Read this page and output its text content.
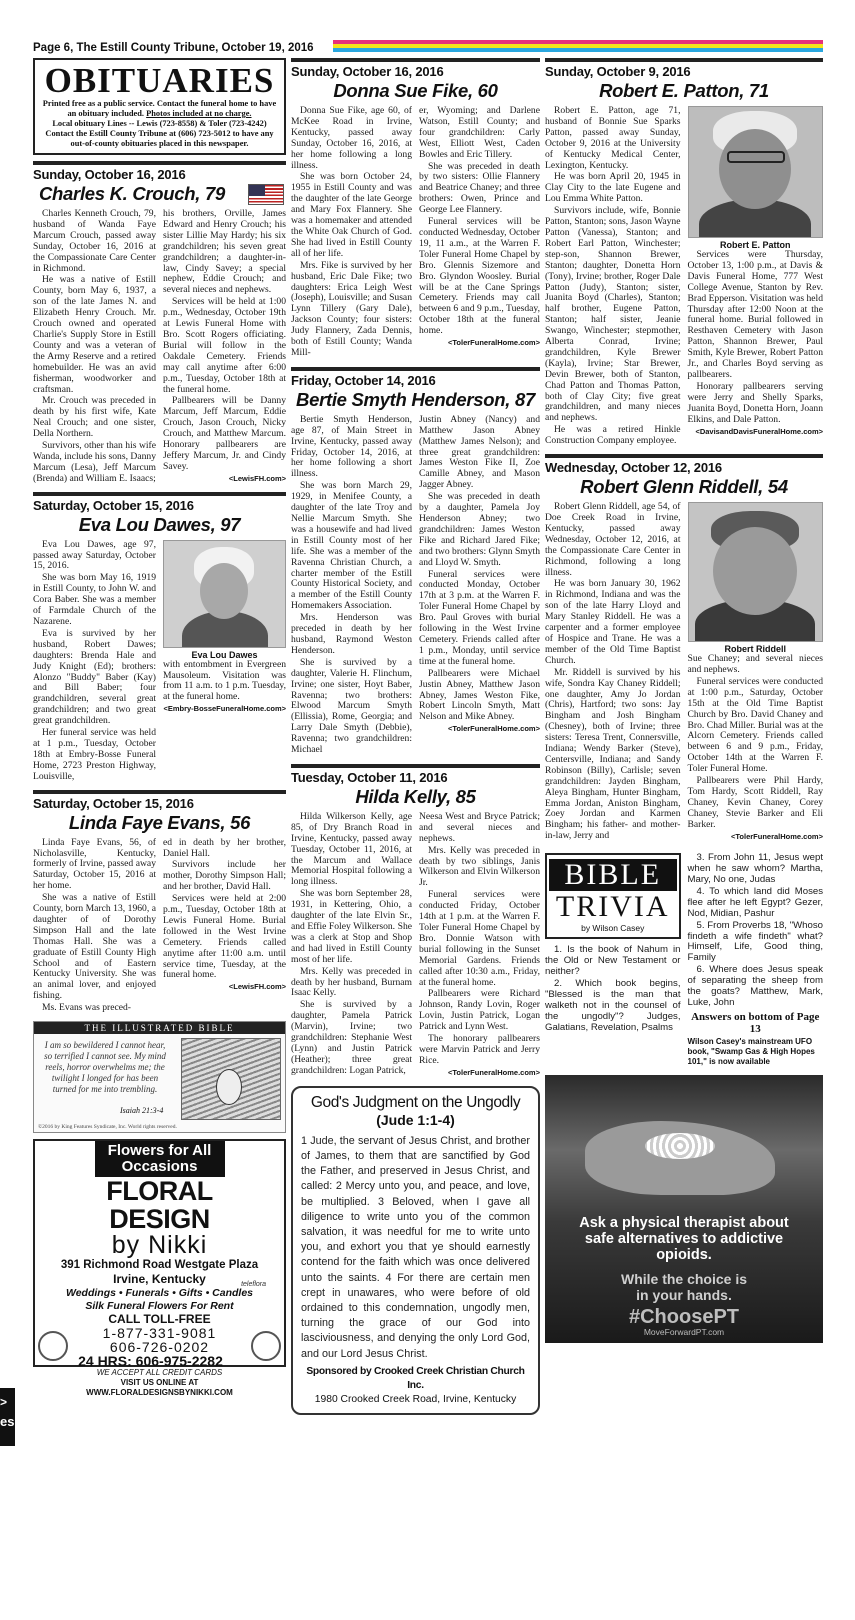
Page 6, The Estill County Tribune, October 19, 2016
>
es
OBITUARIES
Printed free as a public service. Contact the funeral home to have an obituary included. Photos included at no charge.
Local obituary Lines -- Lewis (723-8558) & Toler (723-4242)
Contact the Estill County Tribune at (606) 723-5012 to have any out-of-county obituaries placed in this newspaper.
Sunday, October 16, 2016
Charles K. Crouch, 79

Charles Kenneth Crouch, 79, husband of Wanda Faye Marcum Crouch, passed away Sunday, October 16, 2016 at the Compassionate Care Center in Richmond.

He was a native of Estill County, born May 6, 1937, a son of the late James N. and Elizabeth Henry Crouch. Mr. Crouch owned and operated Charlie's Supply Store in Estill County and was a veteran of the Army Reserve and a retired homebuilder. He was an avid fisherman, woodworker and craftsman.

Mr. Crouch was preceded in death by his first wife, Kate Neal Crouch; and one sister, Della Northern.

Survivors, other than his wife Wanda, include his sons, Danny Marcum (Lesa), Jeff Marcum (Brenda) and William E. Isaacs;

his brothers, Orville, James Edward and Henry Crouch; his sister Lillie May Hardy; his six grandchildren; his seven great grandchildren; a daughter-in-law, Cindy Savey; a special nephew, Eddie Crouch; and several nieces and nephews.

Services will be held at 1:00 p.m., Wednesday, October 19th at Lewis Funeral Home with Bro. Scott Rogers officiating. Burial will follow in the Oakdale Cemetery. Friends may call anytime after 6:00 p.m., Tuesday, October 18th at the funeral home.

Pallbearers will be Danny Marcum, Jeff Marcum, Eddie Crouch, Jason Crouch, Nicky Crouch, and Matthew Marcum. Honorary pallbearers are Jeffery Marcum, Jr. and Cindy Savey.

<LewisFH.com>
Saturday, October 15, 2016
Eva Lou Dawes, 97

Eva Lou Dawes, age 97, passed away Saturday, October 15, 2016.

She was born May 16, 1919 in Estill County, to John W. and Cora Baber. She was a member of Farmdale Church of the Nazarene.

Eva is survived by her husband, Robert Dawes; daughters: Brenda Hale and Judy Knight (Ed); brothers: Alonzo "Buddy" Baber (Kay) and Bill Baber; four grandchildren, several great grandchildren; and two great great grandchildren.

Her funeral service was held at 1 p.m., Tuesday, October 18th at Embry-Bosse Funeral Home, 2723 Preston Highway, Louisville,

Eva Lou Dawes

with entombment in Evergreen Mausoleum. Visitation was from 11 a.m. to 1 p.m. Tuesday, at the funeral home.

<Embry-BosseFuneralHome.com>
Saturday, October 15, 2016
Linda Faye Evans, 56

Linda Faye Evans, 56, of Nicholasville, Kentucky, formerly of Irvine, passed away Saturday, October 15, 2016 at her home.

She was a native of Estill County, born March 13, 1960, a daughter of of Dorothy Simpson Hall and the late Thomas Hall. She was a graduate of Estill County High School and of Eastern Kentucky University. She was an animal lover, and enjoyed fishing.

Ms. Evans was preced-

ed in death by her brother, Daniel Hall.

Survivors include her mother, Dorothy Simpson Hall; and her brother, David Hall.

Services were held at 2:00 p.m., Tuesday, October 18th at Lewis Funeral Home. Burial followed in the West Irvine Cemetery. Friends called anytime after 11:00 a.m. until service time, Tuesday, at the funeral home.

<LewisFH.com>
THE ILLUSTRATED BIBLE
I am so bewildered I cannot hear, so terrified I cannot see. My mind reels, horror overwhelms me; the twilight I longed for has been turned for me into trembling.
Isaiah 21:3-4
©2016 by King Features Syndicate, Inc. World rights reserved.
Flowers for All Occasions
FLORAL DESIGN
by Nikki
391 Richmond Road Westgate Plaza
Irvine, Kentucky
Weddings • Funerals • Gifts • Candles
Silk Funeral Flowers For Rent
CALL TOLL-FREE
1-877-331-9081
606-726-0202
24 HRS: 606-975-2282
WE ACCEPT ALL CREDIT CARDS
VISIT US ONLINE AT
WWW.FLORALDESIGNSBYNIKKI.COM
teleflora
Sunday, October 16, 2016
Donna Sue Fike, 60

Donna Sue Fike, age 60, of McKee Road in Irvine, Kentucky, passed away Sunday, October 16, 2016, at her home following a long illness.

She was born October 24, 1955 in Estill County and was the daughter of the late George and Mary Fox Flannery. She was a homemaker and attended the White Oak Church of God. She had lived in Estill County all of her life.

Mrs. Fike is survived by her husband, Eric Dale Fike; two daughters: Erica Leigh West (Joseph), Louisville; and Susan Lynn Tillery (Gary Dale), Jackson County; four sisters: Judy Flannery, Zada Dennis, both of Estill County; Wanda Mill-

er, Wyoming; and Darlene Watson, Estill County; and four grandchildren: Carly West, Elliott West, Caden Bowles and Eric Tillery.

She was preceded in death by two sisters: Ollie Flannery and Beatrice Chaney; and three brothers: Owen, Prince and George Lee Flannery.

Funeral services will be conducted Wednesday, October 19, 11 a.m., at the Warren F. Toler Funeral Home Chapel by Bro. Glennis Sizemore and Bro. Glyndon Woosley. Burial will be at the Cane Springs Cemetery. Friends may call between 6 and 9 p.m., Tuesday, October 18th at the funeral home.

<TolerFuneralHome.com>
Friday, October 14, 2016
Bertie Smyth Henderson, 87

Bertie Smyth Henderson, age 87, of Main Street in Irvine, Kentucky, passed away Friday, October 14, 2016, at her home following a short illness.

She was born March 29, 1929, in Menifee County, a daughter of the late Troy and Nellie Marcum Smyth. She was a housewife and had lived in Estill County most of her life. She was a member of the Ravenna Christian Church, a charter member of the Estill County Historical Society, and a member of the Estill County Homemakers Association.

Mrs. Henderson was preceded in death by her husband, Raymond Weston Henderson.

She is survived by a daughter, Valerie H. Flinchum, Irvine; one sister, Hoyt Baber, Ravenna; two brothers: Elwood Marcum Smyth (Ellissia), Rome, Georgia; and Larry Dale Smyth (Debbie), Ravenna; two grandchildren: Michael

Justin Abney (Nancy) and Matthew Jason Abney (Matthew James Nelson); and three great grandchildren: James Weston Fike II, Zoe Camille Abney, and Mason Jagger Abney.

She was preceded in death by a daughter, Pamela Joy Henderson Abney; two grandchildren: James Weston Fike and Richard Jared Fike; and two brothers: Glynn Smyth and Lloyd W. Smyth.

Funeral services were conducted Monday, October 17th at 3 p.m. at the Warren F. Toler Funeral Home Chapel by Bro. Paul Groves with burial following in the West Irvine Cemetery. Friends called after 1 p.m., Monday, until service time at the funeral home.

Pallbearers were Michael Justin Abney, Matthew Jason Abney, James Weston Fike, Robert Lincoln Smyth, Matt Nelson and Mike Abney.

<TolerFuneralHome.com>
Tuesday, October 11, 2016
Hilda Kelly, 85

Hilda Wilkerson Kelly, age 85, of Dry Branch Road in Irvine, Kentucky, passed away Tuesday, October 11, 2016, at the Marcum and Wallace Memorial Hospital following a long illness.

She was born September 28, 1931, in Kettering, Ohio, a daughter of the late Elvin Sr., and Effie Foley Wilkerson. She was a clerk at Stop and Shop and had lived in Estill County most of her life.

Mrs. Kelly was preceded in death by her husband, Burnam Isaac Kelly.

She is survived by a daughter, Pamela Patrick (Marvin), Irvine; two grandchildren: Stephanie West (Lynn) and Justin Patrick (Heather); three great grandchildren: Logan Patrick,

Neesa West and Bryce Patrick; and several nieces and nephews.

Mrs. Kelly was preceded in death by two siblings, Janis Wilkerson and Elvin Wilkerson Jr.

Funeral services were conducted Friday, October 14th at 1 p.m. at the Warren F. Toler Funeral Home Chapel by Bro. Donnie Watson with burial following in the Sunset Memorial Gardens. Friends called after 10:30 a.m., Friday, at the funeral home.

Pallbearers were Richard Johnson, Randy Lovin, Roger Lovin, Justin Patrick, Logan Patrick and Lynn West.

The honorary pallbearers were Marvin Patrick and Jerry Rice.

<TolerFuneralHome.com>
God's Judgment on the Ungodly
(Jude 1:1-4)
1 Jude, the servant of Jesus Christ, and brother of James, to them that are sanctified by God the Father, and preserved in Jesus Christ, and called: 2 Mercy unto you, and peace, and love, be multiplied. 3 Beloved, when I gave all diligence to write unto you of the common salvation, it was needful for me to write unto you, and exhort you that ye should earnestly contend for the faith which was once delivered unto the saints. 4 For there are certain men crept in unawares, who were before of old ordained to this condemnation, ungodly men, turning the grace of our God into lasciviousness, and denying the only Lord God, and our Lord Jesus Christ.
Sponsored by Crooked Creek Christian Church Inc.
1980 Crooked Creek Road, Irvine, Kentucky
Sunday, October 9, 2016
Robert E. Patton, 71

Robert E. Patton, age 71, husband of Bonnie Sue Sparks Patton, passed away Sunday, October 9, 2016 at the University of Kentucky Medical Center, Lexington, Kentucky.

He was born April 20, 1945 in Clay City to the late Eugene and Lou Emma White Patton.

Survivors include, wife, Bonnie Patton, Stanton; sons, Jason Wayne Patton (Vanessa), Stanton; and Robert Earl Patton, Winchester; step-son, Shannon Brewer, Stanton; daughter, Donetta Horn (Tony), Irvine; brother, Roger Dale Patton (Judy), Stanton; sister, Juanita Boyd (Charles), Stanton; half brother, Eugene Patton, Stanton; half sister, Jeanie Swango, Winchester; stepmother, Alberta Conrad, Irvine; grandchildren, Kyle Brewer (Kayla), Irvine; Star Brewer, Devin Brewer, both of Stanton, Chad Patton and Thomas Patton, both of Clay City; five great grandchildren, and many nieces and nephews.

He was a retired Hinkle Construction Company employee.

Robert E. Patton

Services were Thursday, October 13, 1:00 p.m., at Davis & Davis Funeral Home, 777 West College Avenue, Stanton by Rev. Brad Epperson. Visitation was held Thursday after 12:00 Noon at the funeral home. Burial followed in Resthaven Cemetery with Jason Patton, Shannon Brewer, Paul Smith, Kyle Brewer, Robert Patton Jr., and Charles Boyd serving as pallbearers.

Honorary pallbearers serving were Jerry and Shelly Sparks, Juanita Boyd, Donetta Horn, Joann Elkins, and Dale Patton.

<DavisandDavisFuneralHome.com>
Wednesday, October 12, 2016
Robert Glenn Riddell, 54

Robert Glenn Riddell, age 54, of Doe Creek Road in Irvine, Kentucky, passed away Wednesday, October 12, 2016, at the Compassionate Care Center in Richmond, following a long illness.

He was born January 30, 1962 in Richmond, Indiana and was the son of the late Harry Lloyd and Mary Stanley Riddell. He was a carpenter and a former employee of Hospice and Trane. He was a member of the Old Time Baptist Church.

Mr. Riddell is survived by his wife, Sondra Kay Chaney Riddell; one daughter, Amy Jo Jordan (Chris), Hartford; two sons: Jay Bingham and Josh Bingham (Chesney), both of Irvine; three sisters: Teresa Trent, Connersville, Indiana; Wendy Barker (Steve), Centersville, Indiana; and Sandy Robinson (Billy), Carlisle; seven grandchildren: Jayden Bingham, Aleya Bingham, Hunter Bingham, Emma Jordan, Aniston Bingham, Zoey Jordan and Karmen Bingham; his father- and mother-in-law, Jerry and

Robert Riddell

Sue Chaney; and several nieces and nephews.

Funeral services were conducted at 1:00 p.m., Saturday, October 15th at the Old Time Baptist Church by Bro. David Chaney and Bro. Chad Miller. Burial was at the Alcorn Cemetery. Friends called between 6 and 9 p.m., Friday, October 14th at the Warren F. Toler Funeral Home.

Pallbearers were Phil Hardy, Tom Hardy, Scott Riddell, Ray Chaney, Kevin Chaney, Corey Chaney, Stevie Barker and Eli Barker.

<TolerFuneralHome.com>
BIBLE
TRIVIA
by Wilson Casey

1. Is the book of Nahum in the Old or New Testament or neither?

2. Which book begins, "Blessed is the man that walketh not in the counsel of the ungodly"? Judges, Galatians, Revelation, Psalms

3. From John 11, Jesus wept when he saw whom? Martha, Mary, No one, Judas

4. To which land did Moses flee after he left Egypt? Gezer, Nod, Midian, Pashur

5. From Proverbs 18, "Whoso findeth a wife findeth" what? Himself, Life, Good thing, Family

6. Where does Jesus speak of separating the sheep from the goats? Matthew, Mark, Luke, John

Answers on bottom of Page 13
Wilson Casey's mainstream UFO book, "Swamp Gas & High Hopes 101," is now available
Ask a physical therapist about safe alternatives to addictive opioids.
While the choice is in your hands.
#ChoosePT
MoveForwardPT.com
